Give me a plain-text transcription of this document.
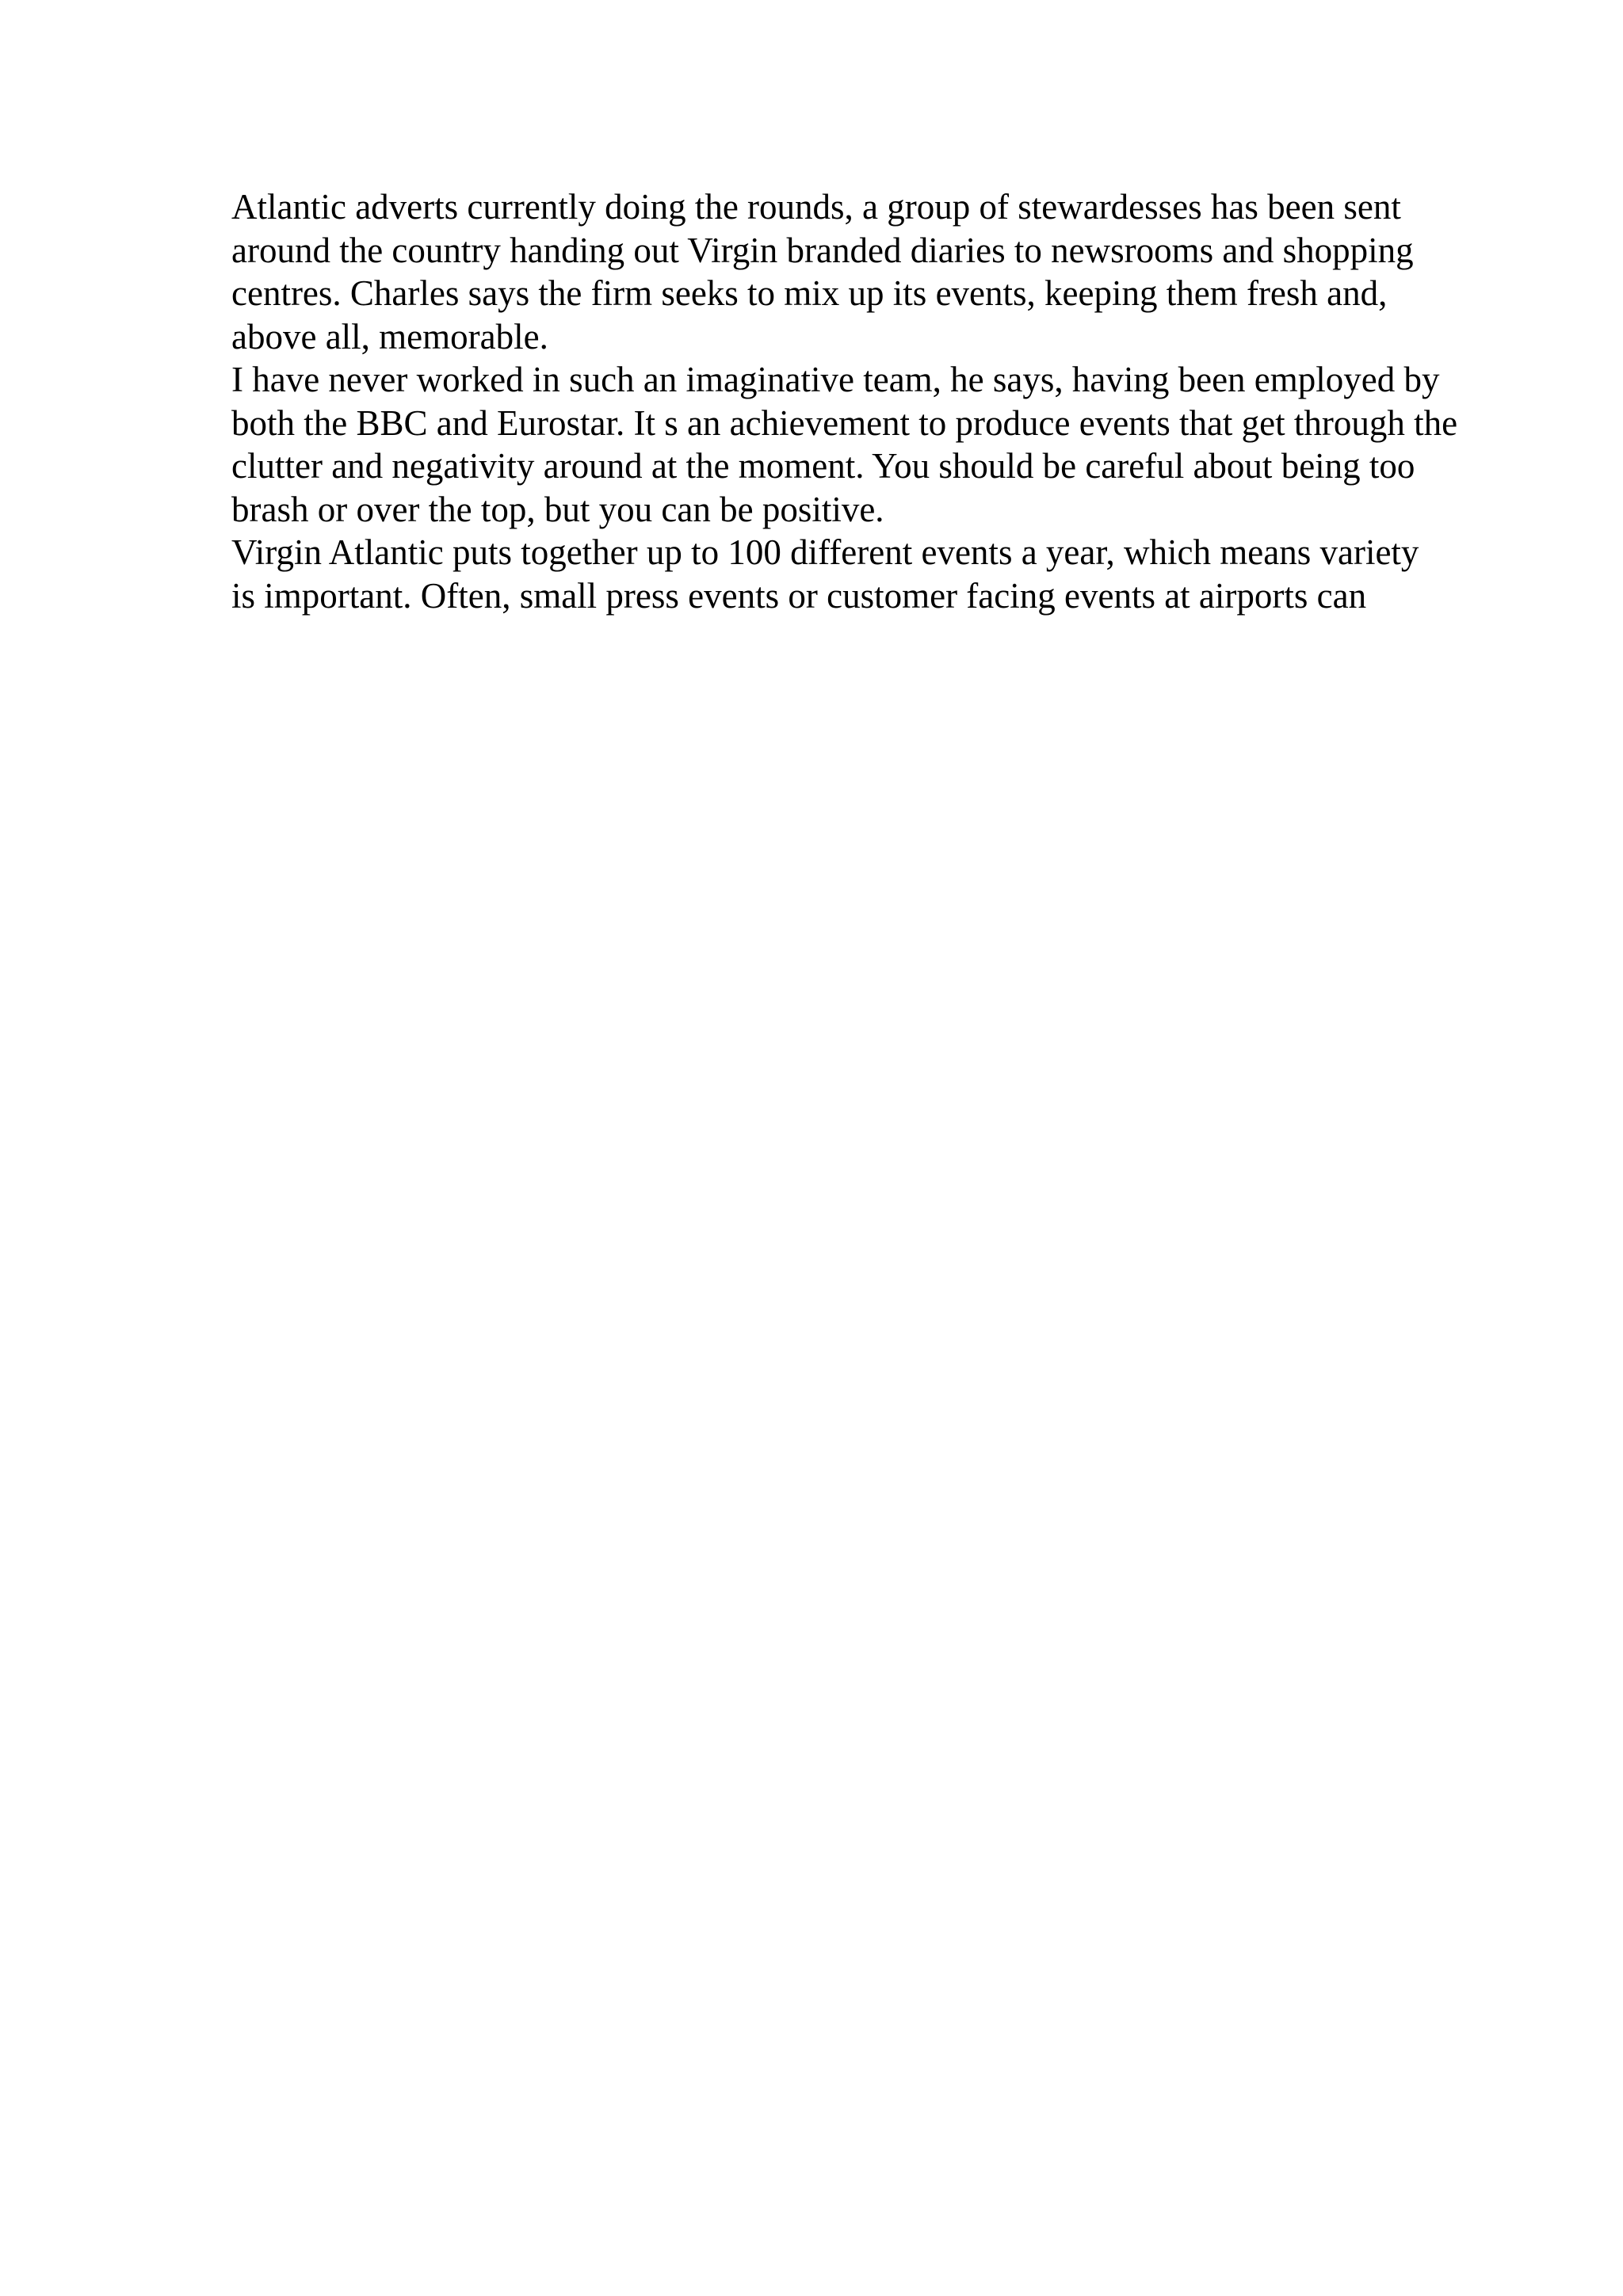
Atlantic adverts currently doing the rounds, a group of stewardesses has been sent
around the country handing out Virgin branded diaries to newsrooms and shopping
centres. Charles says the firm seeks to mix up its events, keeping them fresh and,
above all, memorable.
I have never worked in such an imaginative team, he says, having been employed by
both the BBC and Eurostar. It s an achievement to produce events that get through the
clutter and negativity around at the moment. You should be careful about being too
brash or over the top, but you can be positive.
Virgin Atlantic puts together up to 100 different events a year, which means variety
is important. Often, small press events or customer facing events at airports can
